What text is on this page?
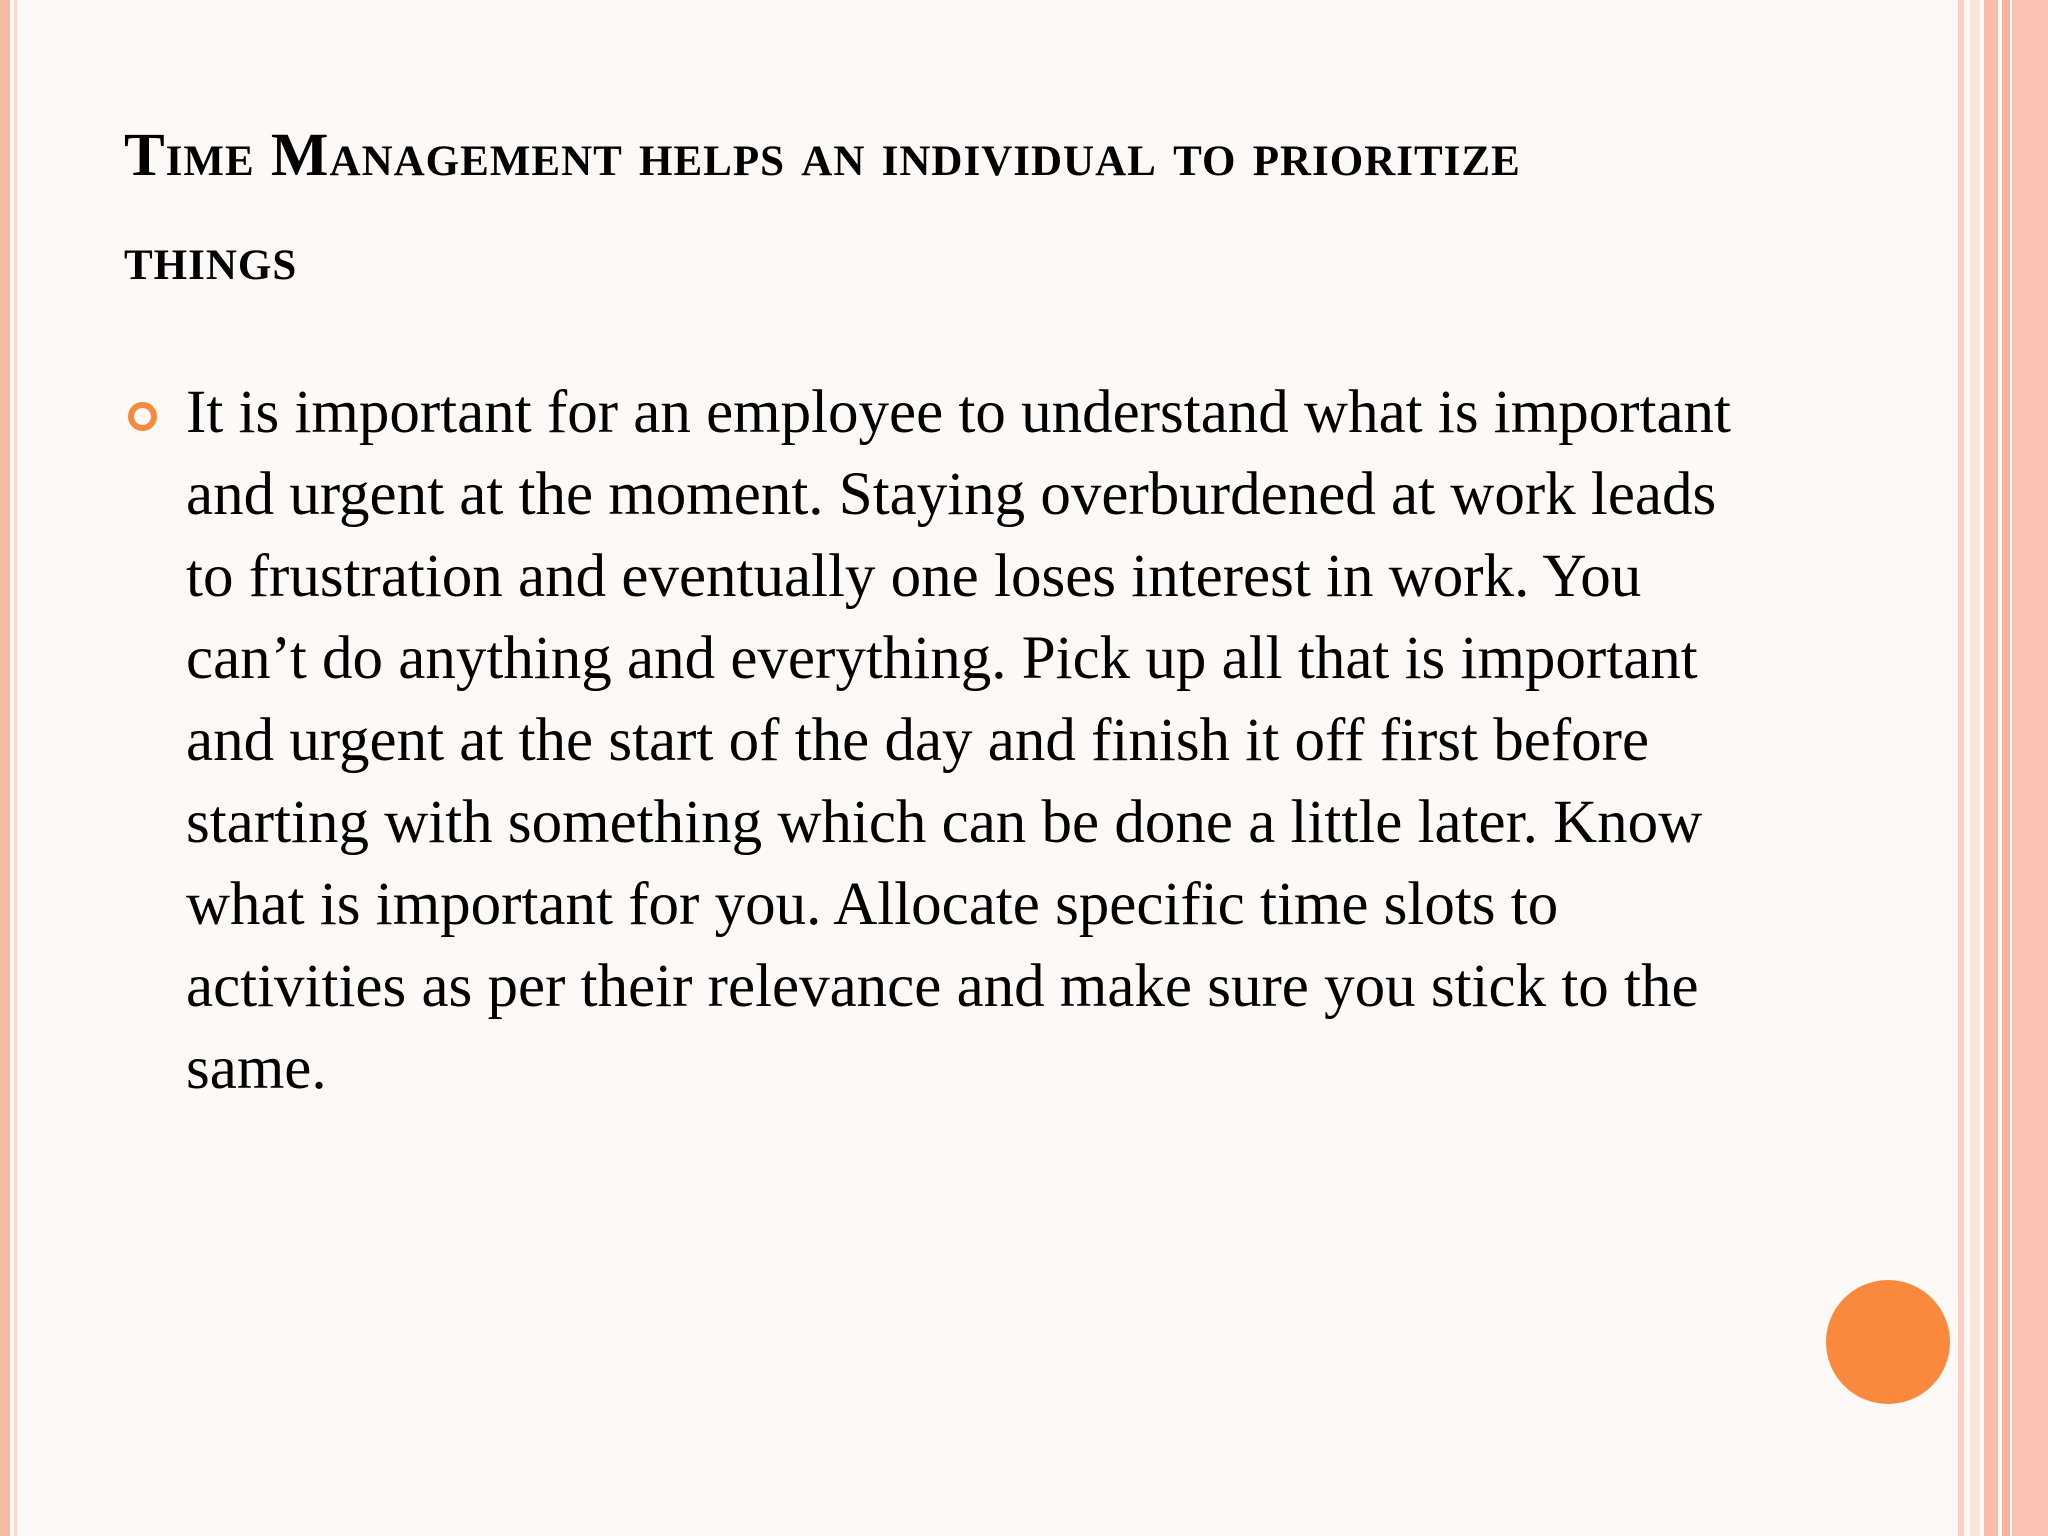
Time Management helps an individual to prioritize things
It is important for an employee to understand what is important and urgent at the moment. Staying overburdened at work leads to frustration and eventually one loses interest in work. You can’t do anything and everything. Pick up all that is important and urgent at the start of the day and finish it off first before starting with something which can be done a little later. Know what is important for you. Allocate specific time slots to activities as per their relevance and make sure you stick to the same.
